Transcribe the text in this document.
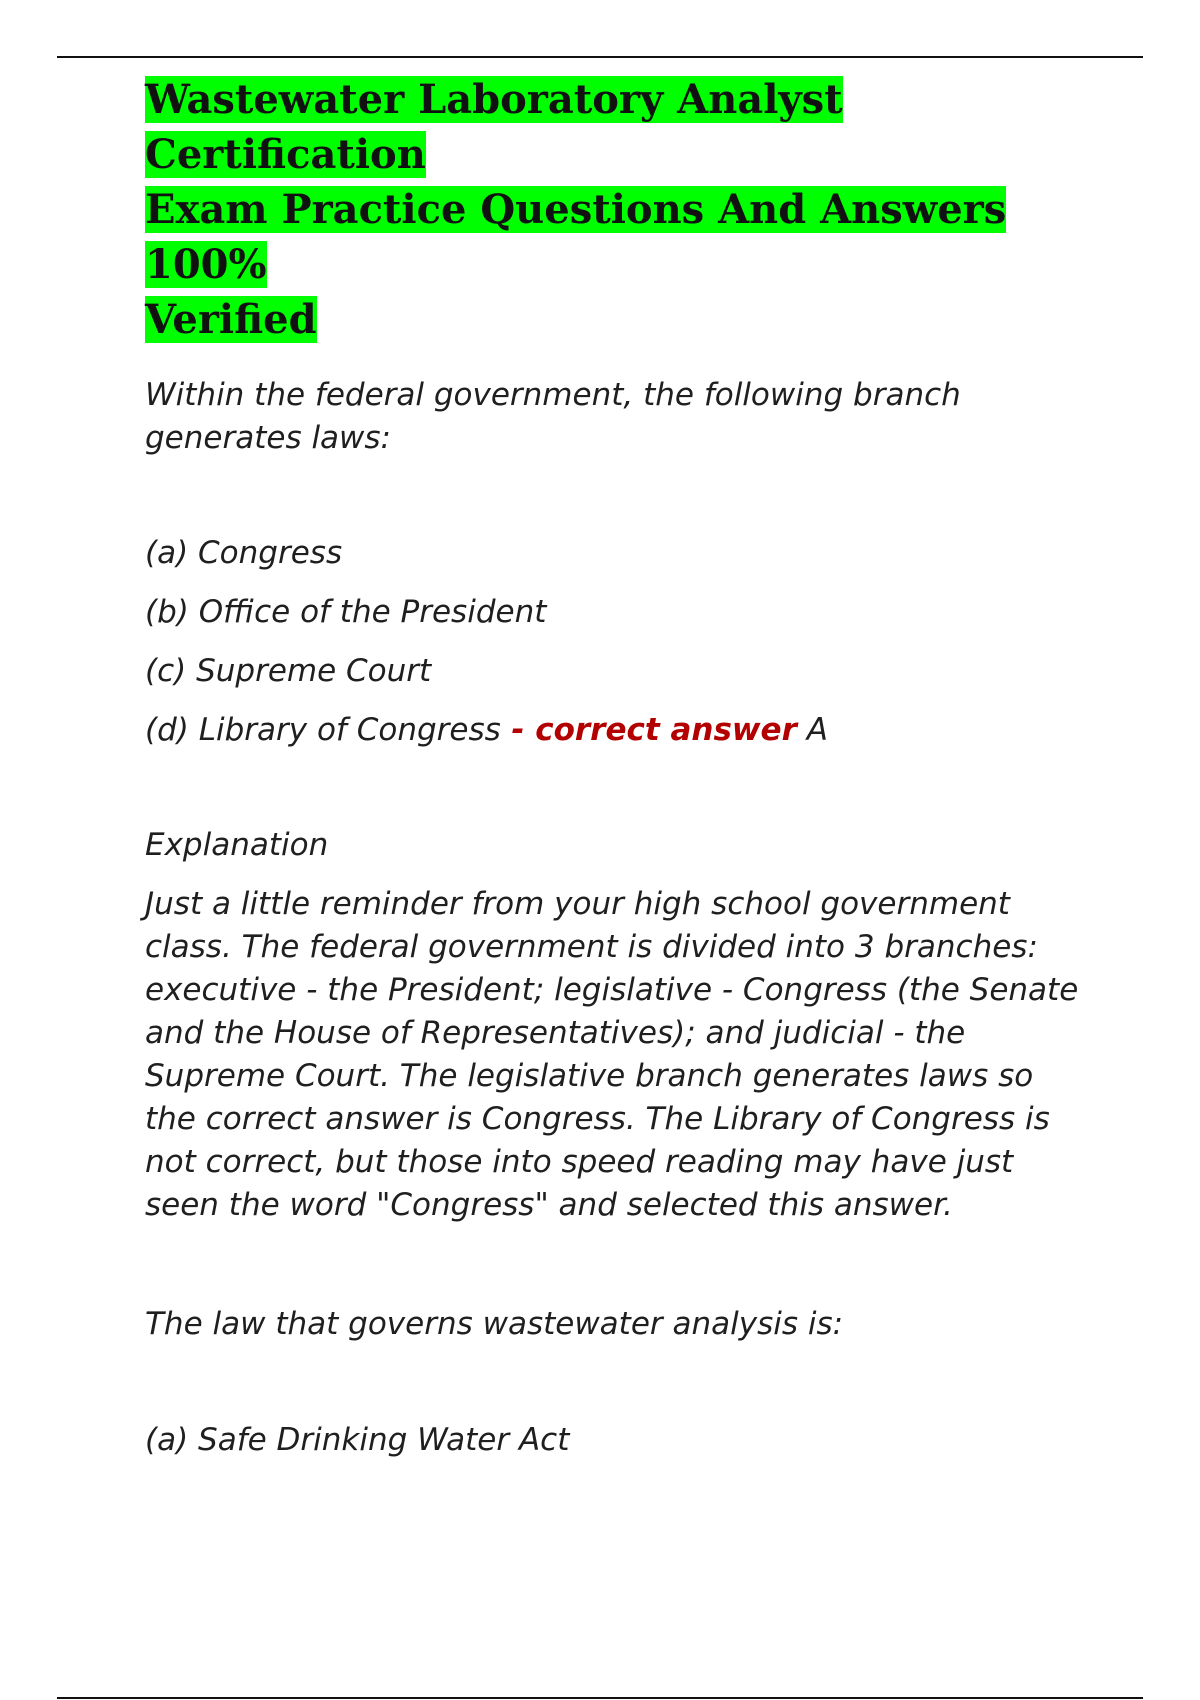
Wastewater Laboratory Analyst Certification
Exam Practice Questions And Answers 100%
Verified

Within the federal government, the following branch generates laws:

(a) Congress

(b) Office of the President

(c) Supreme Court

(d) Library of Congress - correct answer A

Explanation

Just a little reminder from your high school government class. The federal government is divided into 3 branches: executive - the President; legislative - Congress (the Senate and the House of Representatives); and judicial - the Supreme Court. The legislative branch generates laws so the correct answer is Congress. The Library of Congress is not correct, but those into speed reading may have just seen the word "Congress" and selected this answer.

The law that governs wastewater analysis is:

(a) Safe Drinking Water Act
